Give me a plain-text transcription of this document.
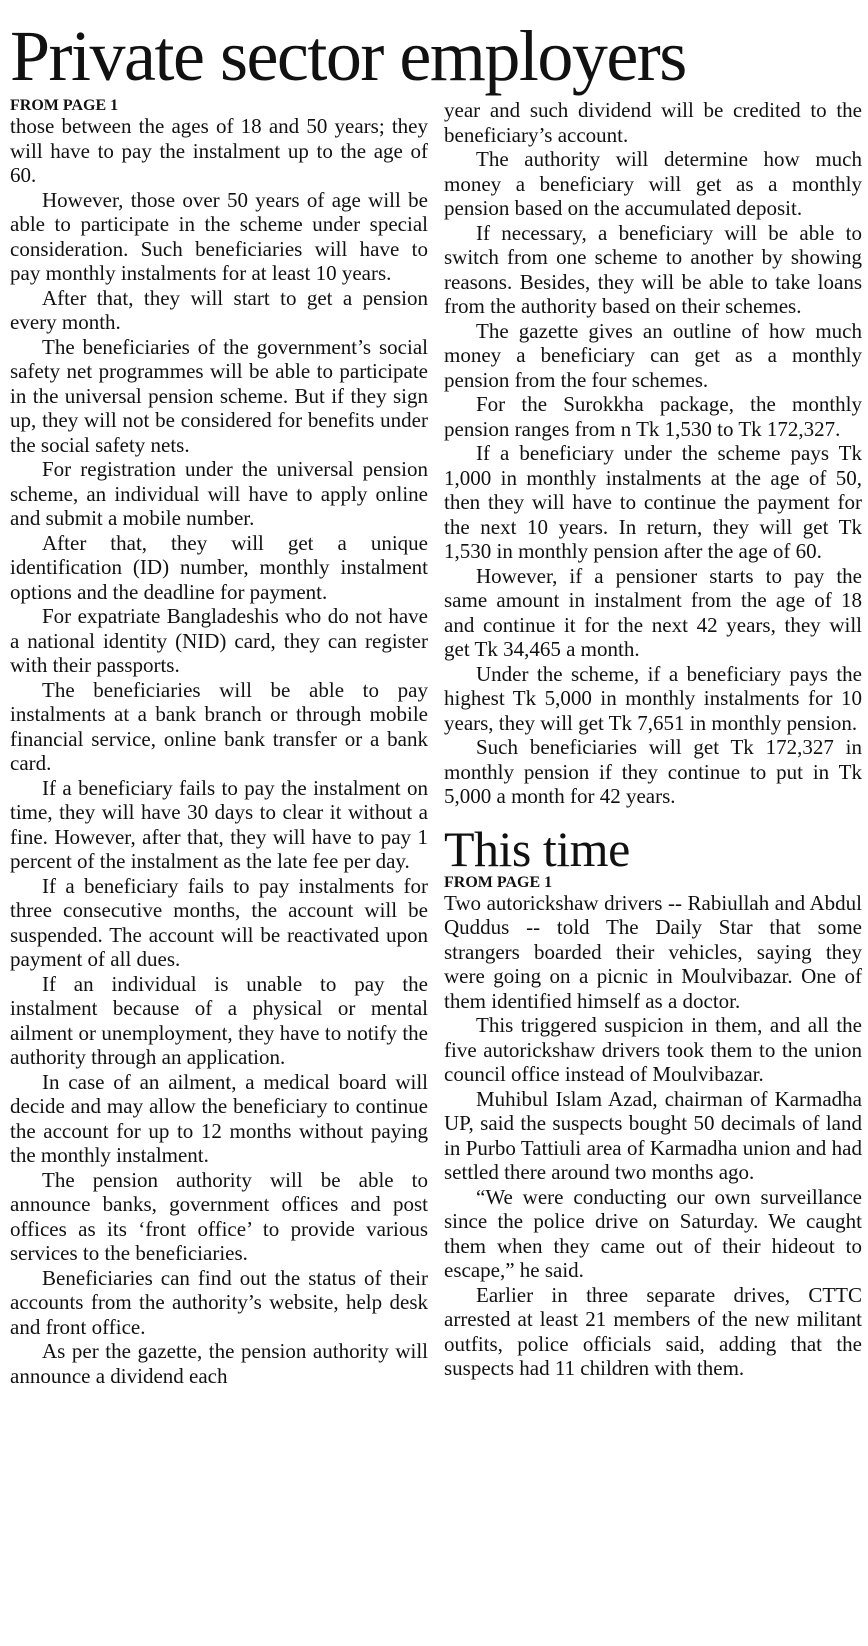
Private sector employers
FROM PAGE 1

those between the ages of 18 and 50 years; they will have to pay the instalment up to the age of 60.

However, those over 50 years of age will be able to participate in the scheme under special consideration. Such beneficiaries will have to pay monthly instalments for at least 10 years.

After that, they will start to get a pension every month.

The beneficiaries of the government’s social safety net programmes will be able to participate in the universal pension scheme. But if they sign up, they will not be considered for benefits under the social safety nets.

For registration under the universal pension scheme, an individual will have to apply online and submit a mobile number.

After that, they will get a unique identification (ID) number, monthly instalment options and the deadline for payment.

For expatriate Bangladeshis who do not have a national identity (NID) card, they can register with their passports.

The beneficiaries will be able to pay instalments at a bank branch or through mobile financial service, online bank transfer or a bank card.

If a beneficiary fails to pay the instalment on time, they will have 30 days to clear it without a fine. However, after that, they will have to pay 1 percent of the instalment as the late fee per day.

If a beneficiary fails to pay instalments for three consecutive months, the account will be suspended. The account will be reactivated upon payment of all dues.

If an individual is unable to pay the instalment because of a physical or mental ailment or unemployment, they have to notify the authority through an application.

In case of an ailment, a medical board will decide and may allow the beneficiary to continue the account for up to 12 months without paying the monthly instalment.

The pension authority will be able to announce banks, government offices and post offices as its ‘front office’ to provide various services to the beneficiaries.

Beneficiaries can find out the status of their accounts from the authority’s website, help desk and front office.

As per the gazette, the pension authority will announce a dividend each

year and such dividend will be credited to the beneficiary’s account.

The authority will determine how much money a beneficiary will get as a monthly pension based on the accumulated deposit.

If necessary, a beneficiary will be able to switch from one scheme to another by showing reasons. Besides, they will be able to take loans from the authority based on their schemes.

The gazette gives an outline of how much money a beneficiary can get as a monthly pension from the four schemes.

For the Surokkha package, the monthly pension ranges from n Tk 1,530 to Tk 172,327.

If a beneficiary under the scheme pays Tk 1,000 in monthly instalments at the age of 50, then they will have to continue the payment for the next 10 years. In return, they will get Tk 1,530 in monthly pension after the age of 60.

However, if a pensioner starts to pay the same amount in instalment from the age of 18 and continue it for the next 42 years, they will get Tk 34,465 a month.

Under the scheme, if a beneficiary pays the highest Tk 5,000 in monthly instalments for 10 years, they will get Tk 7,651 in monthly pension.

Such beneficiaries will get Tk 172,327 in monthly pension if they continue to put in Tk 5,000 a month for 42 years.

This time
FROM PAGE 1

Two autorickshaw drivers -- Rabiullah and Abdul Quddus -- told The Daily Star that some strangers boarded their vehicles, saying they were going on a picnic in Moulvibazar. One of them identified himself as a doctor.

This triggered suspicion in them, and all the five autorickshaw drivers took them to the union council office instead of Moulvibazar.

Muhibul Islam Azad, chairman of Karmadha UP, said the suspects bought 50 decimals of land in Purbo Tattiuli area of Karmadha union and had settled there around two months ago.

“We were conducting our own surveillance since the police drive on Saturday. We caught them when they came out of their hideout to escape,” he said.

Earlier in three separate drives, CTTC arrested at least 21 members of the new militant outfits, police officials said, adding that the suspects had 11 children with them.
